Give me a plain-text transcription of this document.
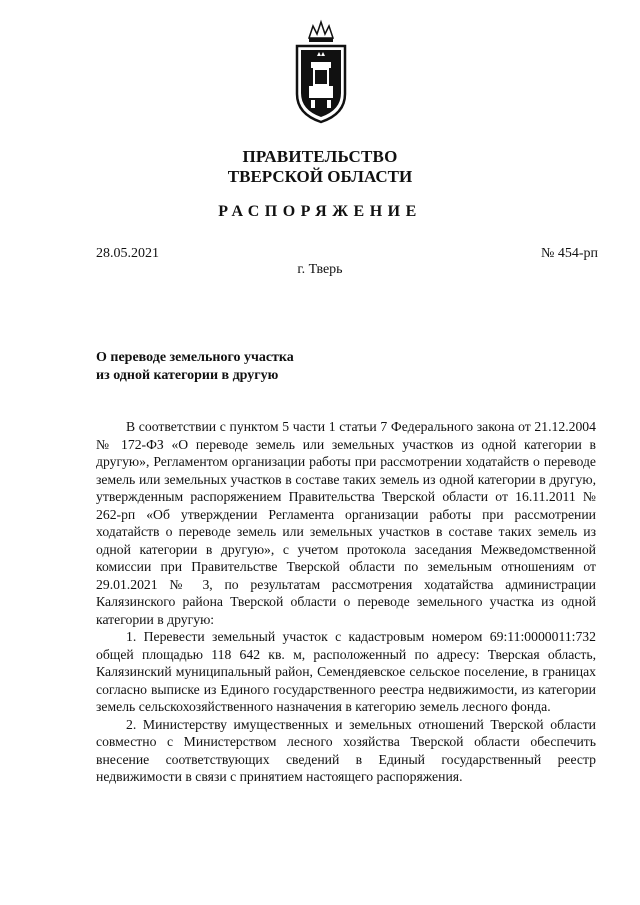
ПРАВИТЕЛЬСТВО
ТВЕРСКОЙ ОБЛАСТИ
РАСПОРЯЖЕНИЕ
28.05.2021	№ 454-рп
г. Тверь
О переводе земельного участка
из одной категории в другую

В соответствии с пунктом 5 части 1 статьи 7 Федерального закона от 21.12.2004 № 172-ФЗ «О переводе земель или земельных участков из одной категории в другую», Регламентом организации работы при рассмотрении ходатайств о переводе земель или земельных участков в составе таких земель из одной категории в другую, утвержденным распоряжением Правительства Тверской области от 16.11.2011 № 262-рп «Об утверждении Регламента организации работы при рассмотрении ходатайств о переводе земель или земельных участков в составе таких земель из одной категории в другую», с учетом протокола заседания Межведомственной комиссии при Правительстве Тверской области по земельным отношениям от 29.01.2021 № 3, по результатам рассмотрения ходатайства администрации Калязинского района Тверской области о переводе земельного участка из одной категории в другую:

1. Перевести земельный участок с кадастровым номером 69:11:0000011:732 общей площадью 118 642 кв. м, расположенный по адресу: Тверская область, Калязинский муниципальный район, Семендяевское сельское поселение, в границах согласно выписке из Единого государственного реестра недвижимости, из категории земель сельскохозяйственного назначения в категорию земель лесного фонда.

2. Министерству имущественных и земельных отношений Тверской области совместно с Министерством лесного хозяйства Тверской области обеспечить внесение соответствующих сведений в Единый государственный реестр недвижимости в связи с принятием настоящего распоряжения.
